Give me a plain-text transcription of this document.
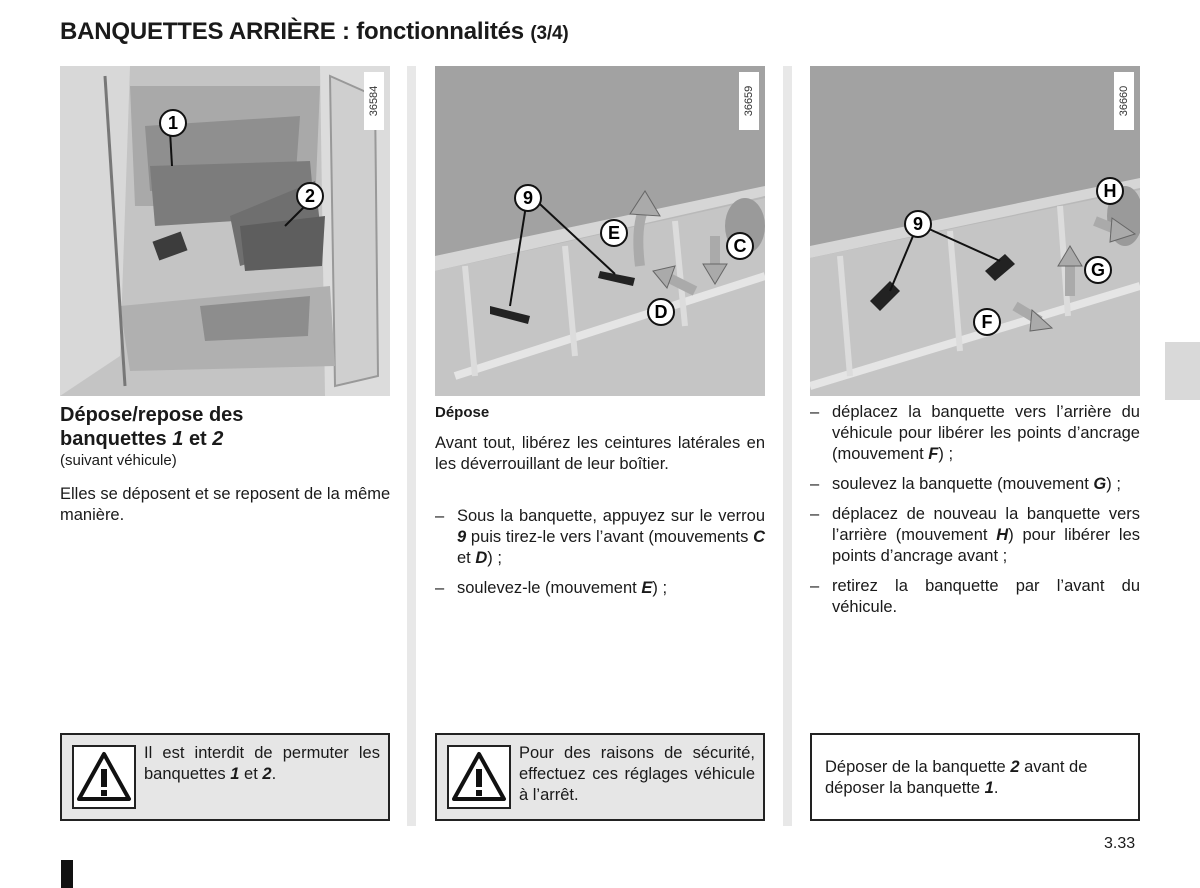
BANQUETTES ARRIÈRE : fonctionnalités (3/4)
36584
1
2
Dépose/repose des
banquettes 1 et 2
(suivant véhicule)
Elles se déposent et se reposent de la même manière.
Il est interdit de permuter les banquettes 1 et 2.
36659
9
E
C
D
Dépose
Avant tout, libérez les ceintures latérales en les déverrouillant de leur boîtier.
– Sous la banquette, appuyez sur le verrou 9 puis tirez-le vers l’avant (mouvements C et D) ;
– soulevez-le (mouvement E) ;
Pour des raisons de sécurité, effectuez ces réglages véhicule à l’arrêt.
36660
9
H
G
F
– déplacez la banquette vers l’arrière du véhicule pour libérer les points d’ancrage (mouvement F) ;
– soulevez la banquette (mouvement G) ;
– déplacez de nouveau la banquette vers l’arrière (mouvement H) pour libérer les points d’ancrage avant ;
– retirez la banquette par l’avant du véhicule.
Déposer de la banquette 2 avant de déposer la banquette 1.
3.33
